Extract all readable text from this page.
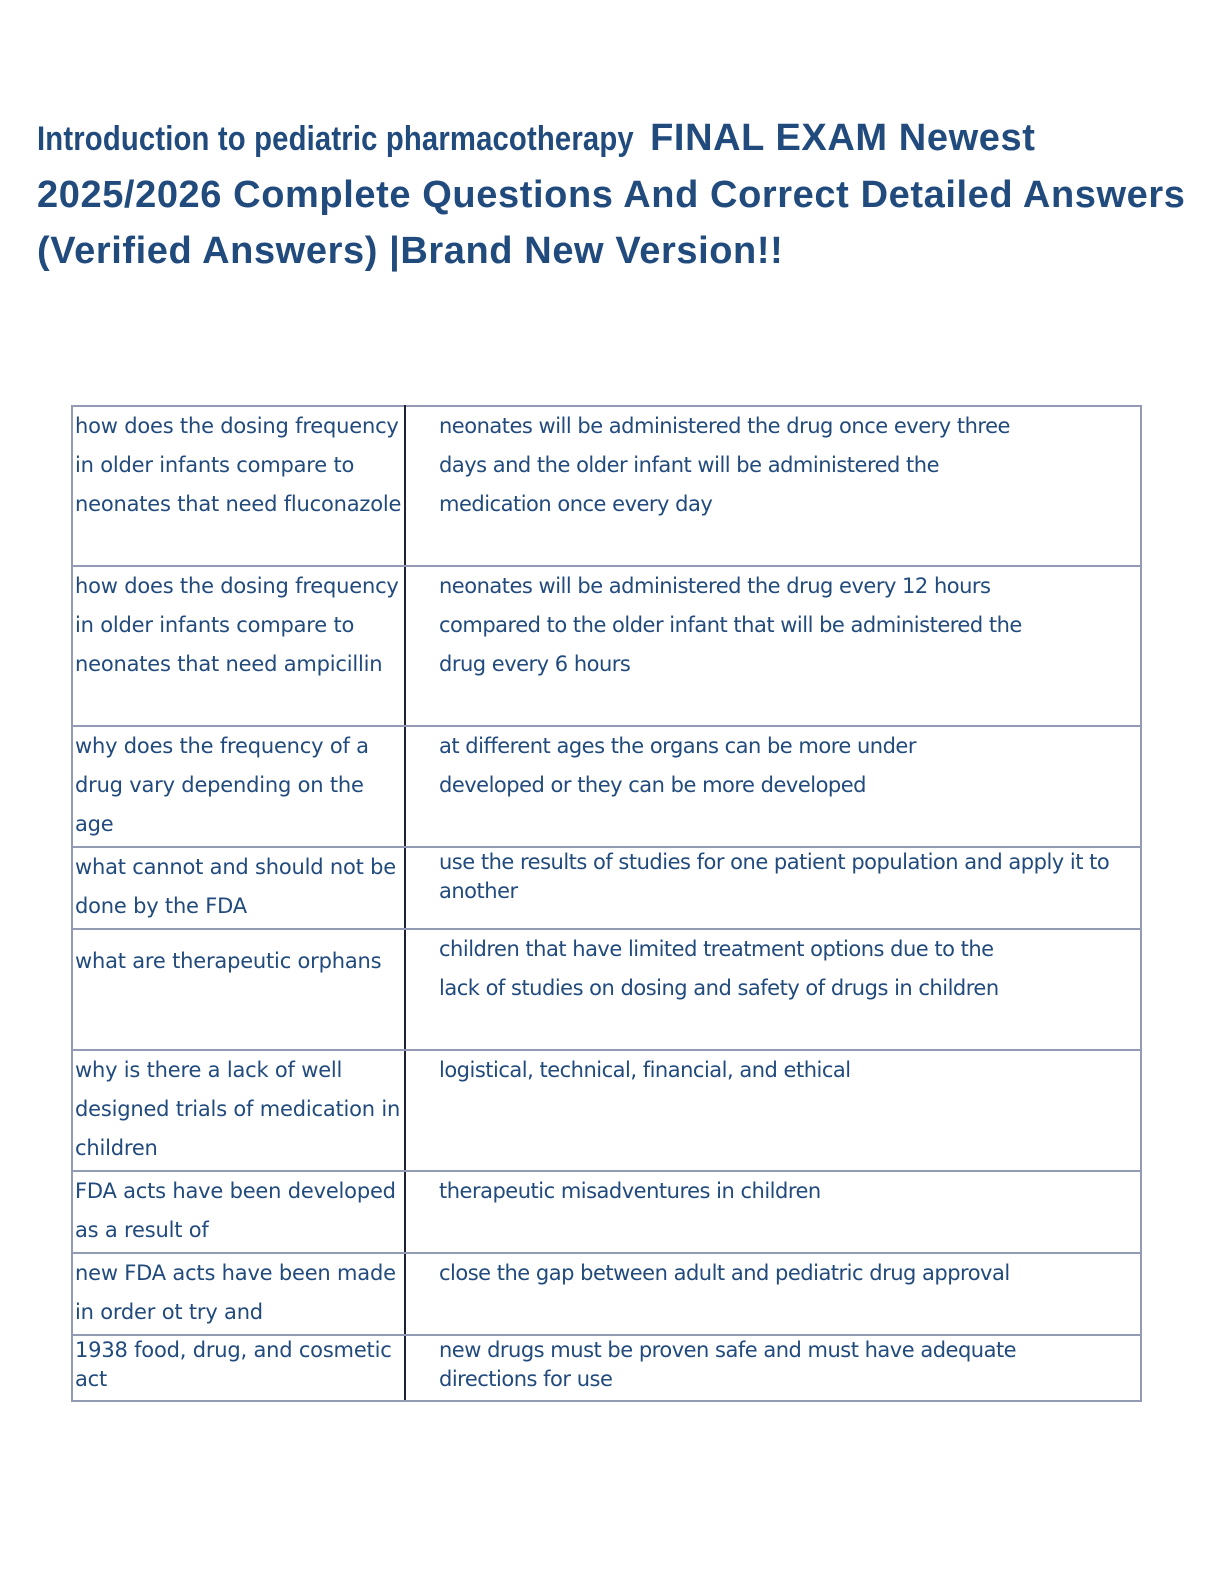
Introduction to pediatric pharmacotherapy FINAL EXAM Newest 2025/2026 Complete Questions And Correct Detailed Answers (Verified Answers) |Brand New Version!!
how does the dosing frequency in older infants compare to neonates that need fluconazole	neonates will be administered the drug once every three days and the older infant will be administered the medication once every day
how does the dosing frequency in older infants compare to neonates that need ampicillin	neonates will be administered the drug every 12 hours compared to the older infant that will be administered the drug every 6 hours
why does the frequency of a drug vary depending on the age	at different ages the organs can be more under developed or they can be more developed
what cannot and should not be done by the FDA	use the results of studies for one patient population and apply it to another
what are therapeutic orphans	children that have limited treatment options due to the lack of studies on dosing and safety of drugs in children
why is there a lack of well designed trials of medication in children	logistical, technical, financial, and ethical
FDA acts have been developed as a result of	therapeutic misadventures in children
new FDA acts have been made in order ot try and	close the gap between adult and pediatric drug approval
1938 food, drug, and cosmetic act	new drugs must be proven safe and must have adequate directions for use
